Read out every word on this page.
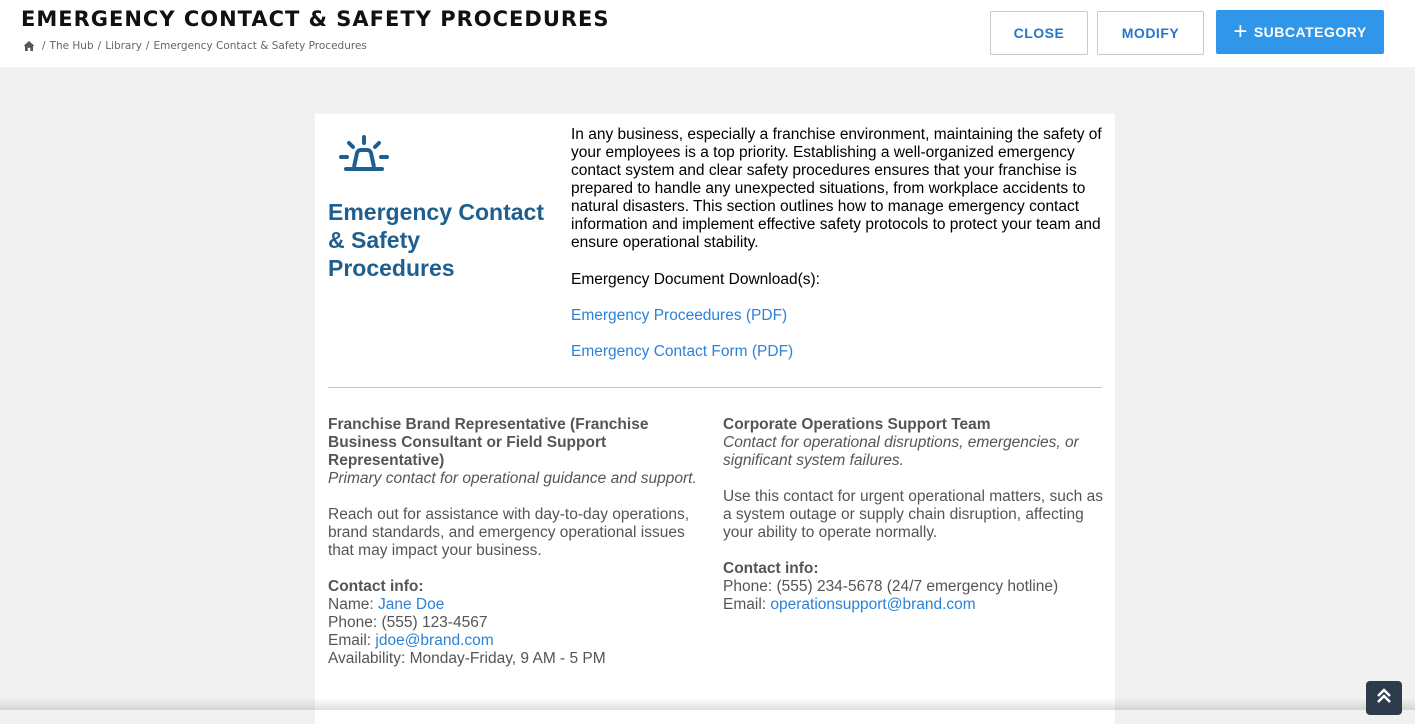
EMERGENCY CONTACT & SAFETY PROCEDURES
/ The Hub / Library / Emergency Contact & Safety Procedures
CLOSE	MODIFY + SUBCATEGORY
Emergency Contact & Safety Procedures

In any business, especially a franchise environment, maintaining the safety of your employees is a top priority. Establishing a well-organized emergency contact system and clear safety procedures ensures that your franchise is prepared to handle any unexpected situations, from workplace accidents to natural disasters. This section outlines how to manage emergency contact information and implement effective safety protocols to protect your team and ensure operational stability.

Emergency Document Download(s):

Emergency Proceedures (PDF)

Emergency Contact Form (PDF)

Franchise Brand Representative (Franchise Business Consultant or Field Support Representative)

Primary contact for operational guidance and support.

Reach out for assistance with day-to-day operations, brand standards, and emergency operational issues that may impact your business.

Contact info:

Name: Jane Doe

Phone: (555) 123-4567

Email: jdoe@brand.com

Availability: Monday-Friday, 9 AM - 5 PM

Corporate Operations Support Team

Contact for operational disruptions, emergencies, or significant system failures.

Use this contact for urgent operational matters, such as a system outage or supply chain disruption, affecting your ability to operate normally.

Contact info:

Phone: (555) 234-5678 (24/7 emergency hotline)

Email: operationsupport@brand.com
